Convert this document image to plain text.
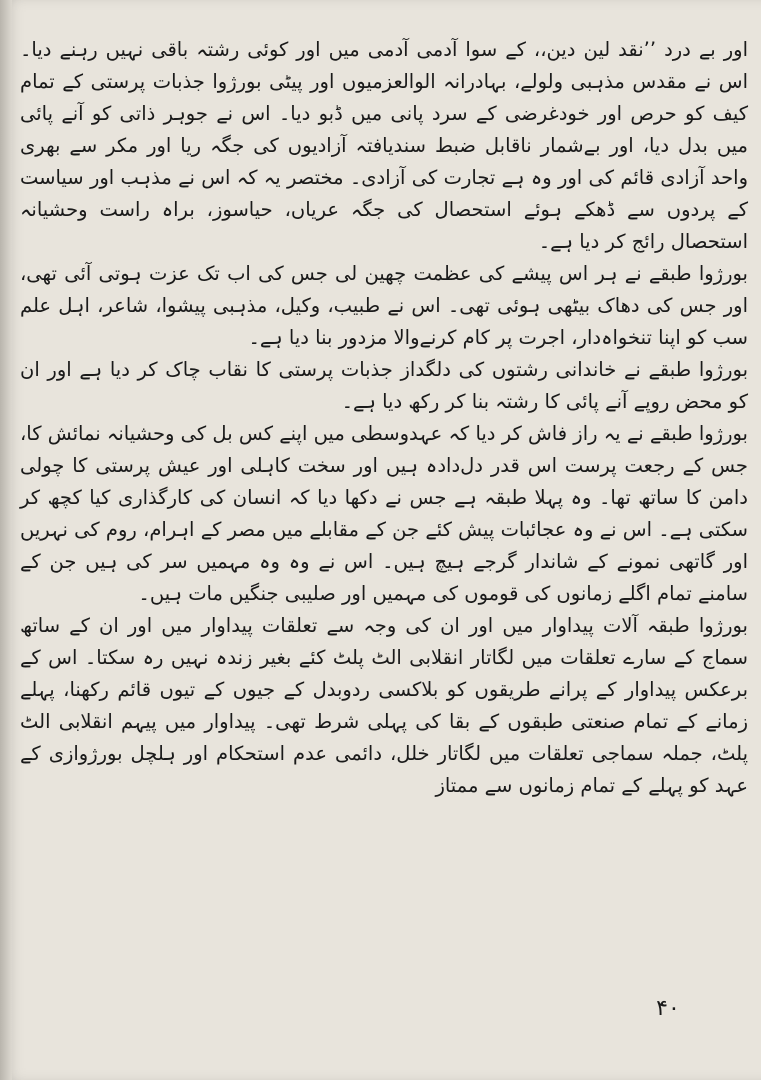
اور بے درد ’’نقد لین دین،، کے سوا آدمی آدمی میں اور کوئی رشتہ باقی نہیں رہنے دیا۔ اس نے مقدس مذہبی ولولے، بہادرانہ الوالعزمیوں اور پیٹی بورژوا جذبات پرستی کے تمام کیف کو حرص اور خودغرضی کے سرد پانی میں ڈبو دیا۔ اس نے جوہر ذاتی کو آنے پائی میں بدل دیا، اور بےشمار ناقابل ضبط سندیافتہ آزادیوں کی جگہ ریا اور مکر سے بھری واحد آزادی قائم کی اور وہ ہے تجارت کی آزادی۔ مختصر یہ کہ اس نے مذہب اور سیاست کے پردوں سے ڈھکے ہوئے استحصال کی جگہ عریاں، حیاسوز، براہ راست وحشیانہ استحصال رائج کر دیا ہے۔

بورژوا طبقے نے ہر اس پیشے کی عظمت چھین لی جس کی اب تک عزت ہوتی آئی تھی، اور جس کی دھاک بیٹھی ہوئی تھی۔ اس نے طبیب، وکیل، مذہبی پیشوا، شاعر، اہل علم سب کو اپنا تنخواہ‌دار، اجرت پر کام کرنےوالا مزدور بنا دیا ہے۔

بورژوا طبقے نے خاندانی رشتوں کی دلگداز جذبات پرستی کا نقاب چاک کر دیا ہے اور ان کو محض روپے آنے پائی کا رشتہ بنا کر رکھ دیا ہے۔

بورژوا طبقے نے یہ راز فاش کر دیا کہ عہدوسطی میں اپنے کس بل کی وحشیانہ نمائش کا، جس کے رجعت پرست اس قدر دل‌دادہ ہیں اور سخت کاہلی اور عیش پرستی کا چولی دامن کا ساتھ تھا۔ وہ پہلا طبقہ ہے جس نے دکھا دیا کہ انسان کی کارگذاری کیا کچھ کر سکتی ہے۔ اس نے وہ عجائبات پیش کئے جن کے مقابلے میں مصر کے اہرام، روم کی نہریں اور گاتھی نمونے کے شاندار گرجے ہیچ ہیں۔ اس نے وہ وہ مہمیں سر کی ہیں جن کے سامنے تمام اگلے زمانوں کی قوموں کی مہمیں اور صلیبی جنگیں مات ہیں۔

بورژوا طبقہ آلات پیداوار میں اور ان کی وجہ سے تعلقات پیداوار میں اور ان کے ساتھ سماج کے سارے تعلقات میں لگاتار انقلابی الٹ پلٹ کئے بغیر زندہ نہیں رہ سکتا۔ اس کے برعکس پیداوار کے پرانے طریقوں کو بلاکسی ردوبدل کے جیوں کے تیوں قائم رکھنا، پہلے زمانے کے تمام صنعتی طبقوں کے بقا کی پہلی شرط تھی۔ پیداوار میں پیہم انقلابی الٹ پلٹ، جملہ سماجی تعلقات میں لگاتار خلل، دائمی عدم استحکام اور ہلچل بورژوازی کے عہد کو پہلے کے تمام زمانوں سے ممتاز

۴۰
